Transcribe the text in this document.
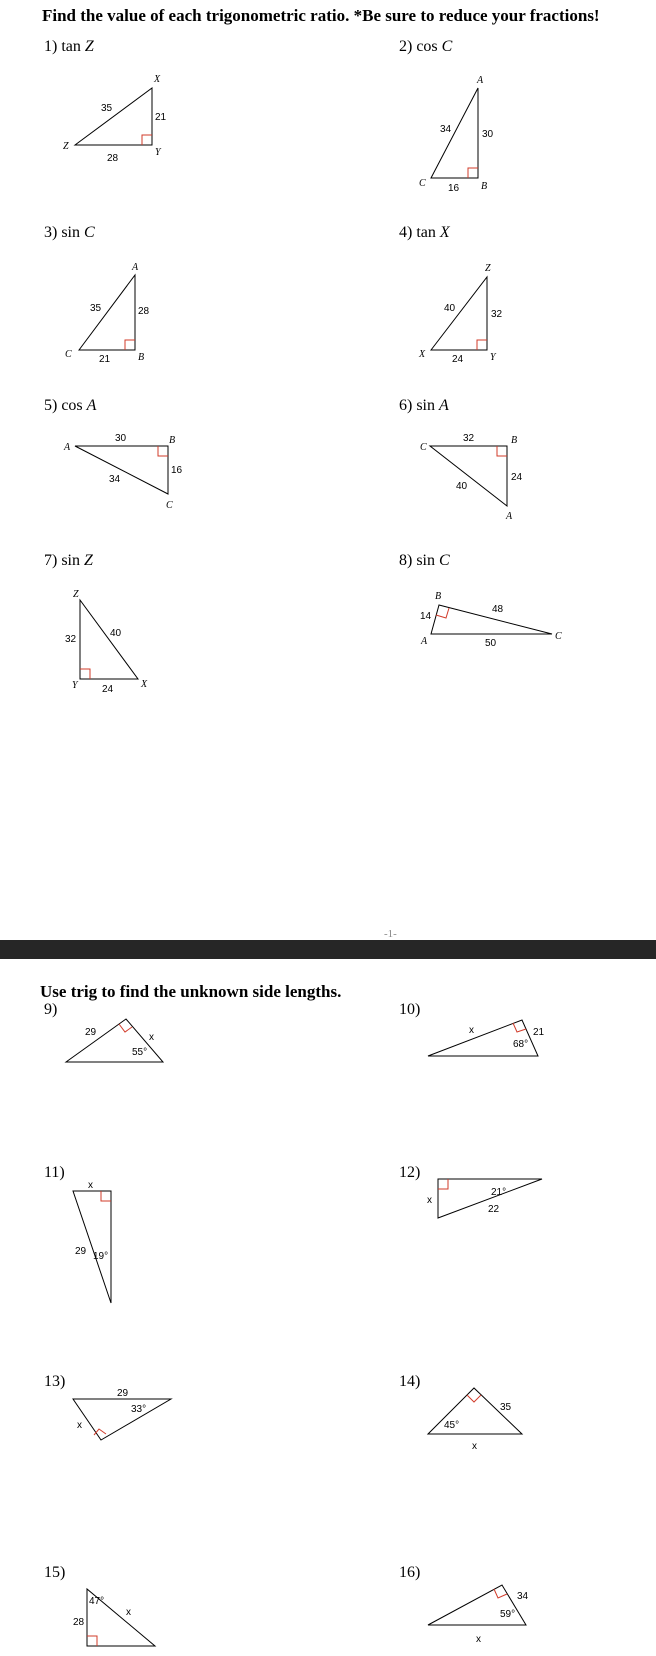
Find the value of each trigonometric ratio. *Be sure to reduce your fractions!
1) tan Z
X
Z
Y
35
21
28
2) cos C
A
C	B
34	30
16
3) sin C
A
C	B
35	28
21
4) tan X
Z
X	Y
40
32
24
5) cos A
A
B
C
30
16
34
6) sin A
C
B
A
32
24
40
7) sin Z
Z
Y	X
32
40
24
8) sin C
B
A	C
14
48
50
-1-
Use trig to find the unknown side lengths.
9)
29	x
55°
10)
x	21
68°
11)
x
29 19°
12)
x
22
21°
13)
29
x
33°
14)
35
x
45°
15)
28
x
47°
16)
34
x
59°
